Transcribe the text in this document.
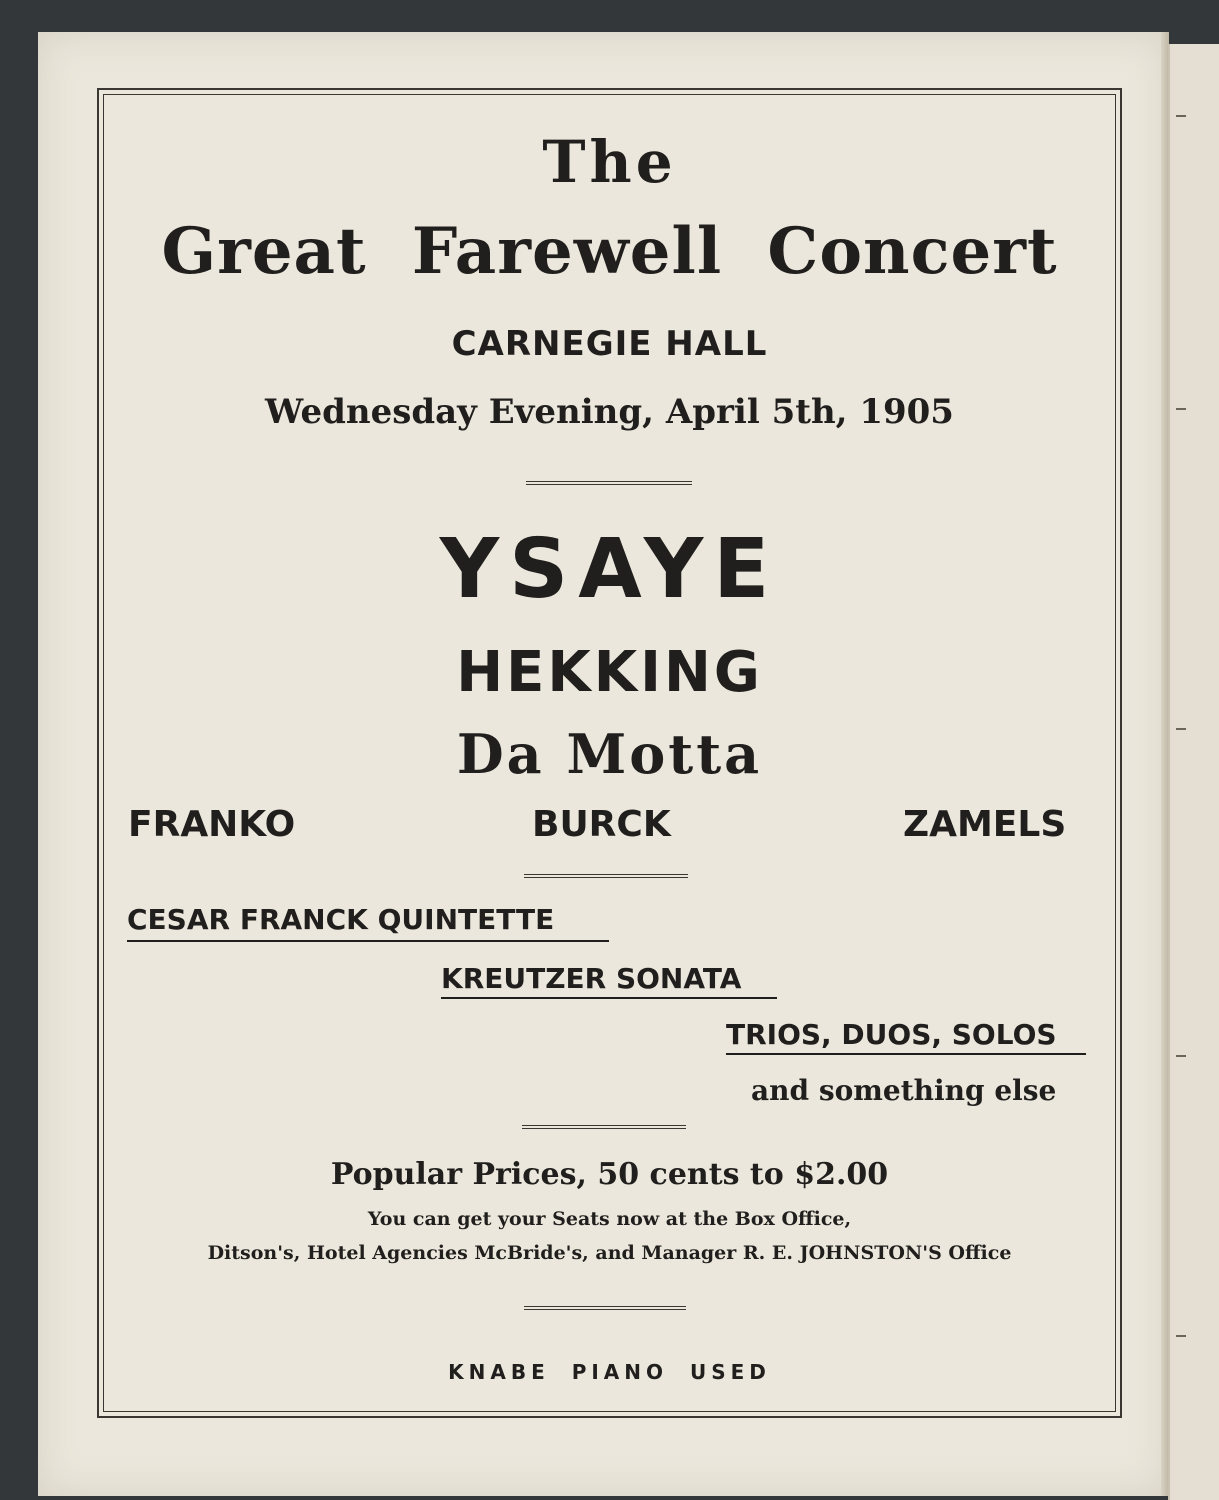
The
Great Farewell Concert
CARNEGIE HALL
Wednesday Evening, April 5th, 1905
YSAYE
HEKKING
Da Motta
FRANKO	BURCK	ZAMELS
CESAR FRANCK QUINTETTE
KREUTZER SONATA
TRIOS, DUOS, SOLOS
and something else
Popular Prices, 50 cents to $2.00
You can get your Seats now at the Box Office,
Ditson's, Hotel Agencies McBride's, and Manager R. E. JOHNSTON'S Office
KNABE PIANO USED
